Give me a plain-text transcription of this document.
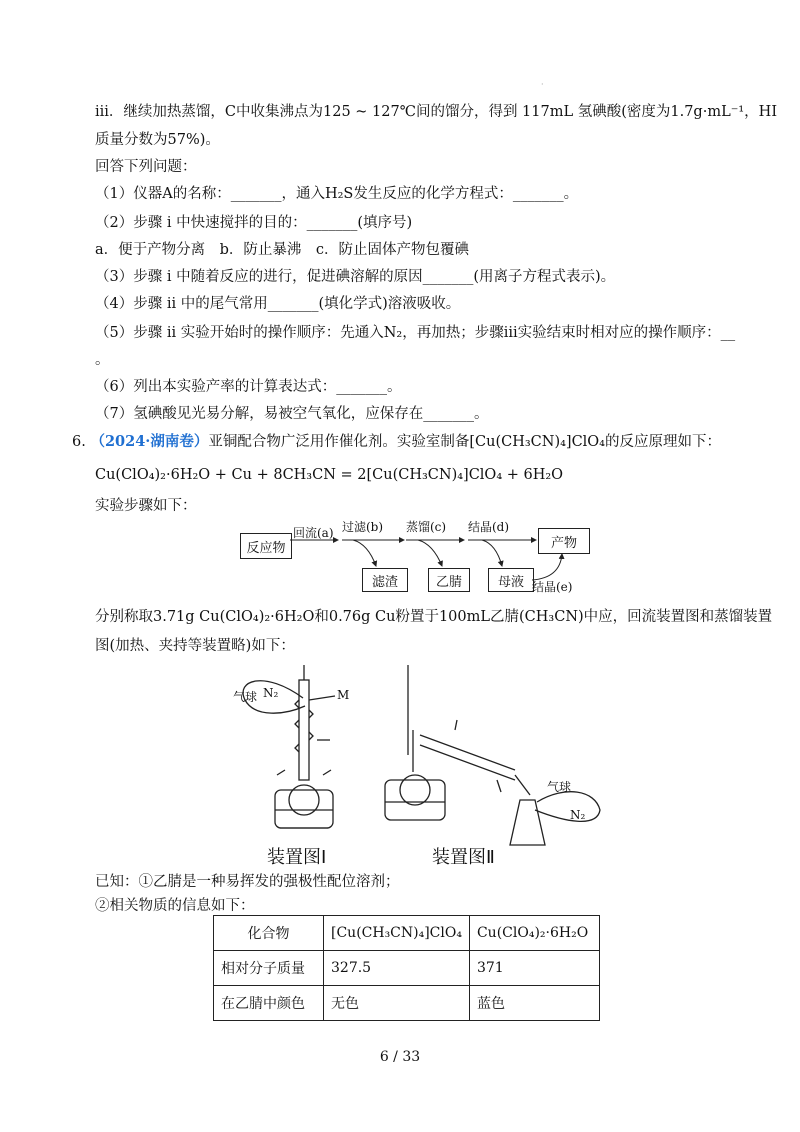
·
iii．继续加热蒸馏，C中收集沸点为125 ~ 127℃间的馏分，得到 117mL 氢碘酸(密度为1.7g·mL⁻¹，HI
质量分数为57%)。
回答下列问题：
（1）仪器A的名称：_______，通入H₂S发生反应的化学方程式：_______。
（2）步骤 i 中快速搅拌的目的：_______(填序号)
a．便于产物分离　b．防止暴沸　c．防止固体产物包覆碘
（3）步骤 i 中随着反应的进行，促进碘溶解的原因_______(用离子方程式表示)。
（4）步骤 ii 中的尾气常用_______(填化学式)溶液吸收。
（5）步骤 ii 实验开始时的操作顺序：先通入N₂，再加热；步骤iii实验结束时相对应的操作顺序：__
。
（6）列出本实验产率的计算表达式：_______。
（7）氢碘酸见光易分解，易被空气氧化，应保存在_______。
6. （2024·湖南卷）亚铜配合物广泛用作催化剂。实验室制备[Cu(CH₃CN)₄]ClO₄的反应原理如下：
Cu(ClO₄)₂·6H₂O + Cu + 8CH₃CN = 2[Cu(CH₃CN)₄]ClO₄ + 6H₂O
实验步骤如下：
反应物	产物
滤渣	乙腈	母液
回流(a) 过滤(b) 蒸馏(c) 结晶(d)
结晶(e)
分别称取3.71g Cu(ClO₄)₂·6H₂O和0.76g Cu粉置于100mL乙腈(CH₃CN)中应，回流装置图和蒸馏装置
图(加热、夹持等装置略)如下：
气球 N₂	M
气球
N₂
装置图Ⅰ	装置图Ⅱ
已知：①乙腈是一种易挥发的强极性配位溶剂；
②相关物质的信息如下：
化合物	[Cu(CH₃CN)₄]ClO₄	Cu(ClO₄)₂·6H₂O
相对分子质量	327.5	371
在乙腈中颜色	无色	蓝色
6 / 33
